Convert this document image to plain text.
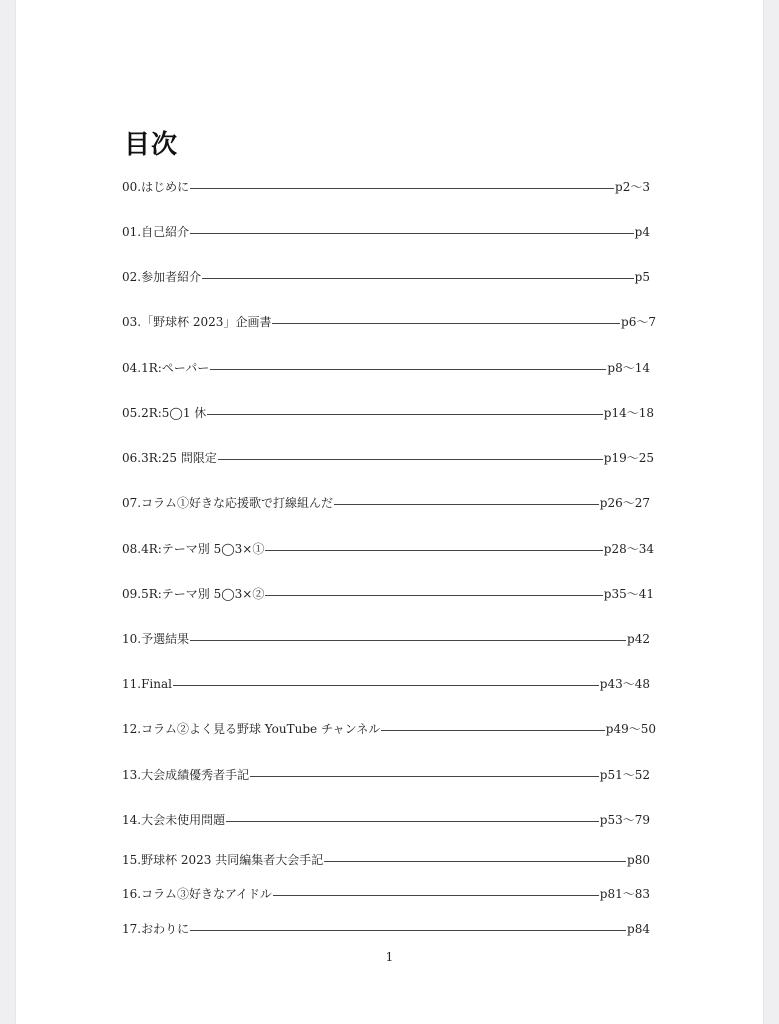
目次
00.はじめに	p2〜3
01.自己紹介	p4
02.参加者紹介	p5
03.「野球杯 2023」企画書	p6〜7
04.1R:ペーパー	p8〜14
05.2R:5◯1 休	p14〜18
06.3R:25 問限定	p19〜25
07.コラム①好きな応援歌で打線組んだ	p26〜27
08.4R:テーマ別 5◯3×①	p28〜34
09.5R:テーマ別 5◯3×②	p35〜41
10.予選結果	p42
11.Final	p43〜48
12.コラム②よく見る野球 YouTube チャンネル	p49〜50
13.大会成績優秀者手記	p51〜52
14.大会未使用問題	p53〜79
15.野球杯 2023 共同編集者大会手記	p80
16.コラム③好きなアイドル	p81〜83
17.おわりに	p84
1
